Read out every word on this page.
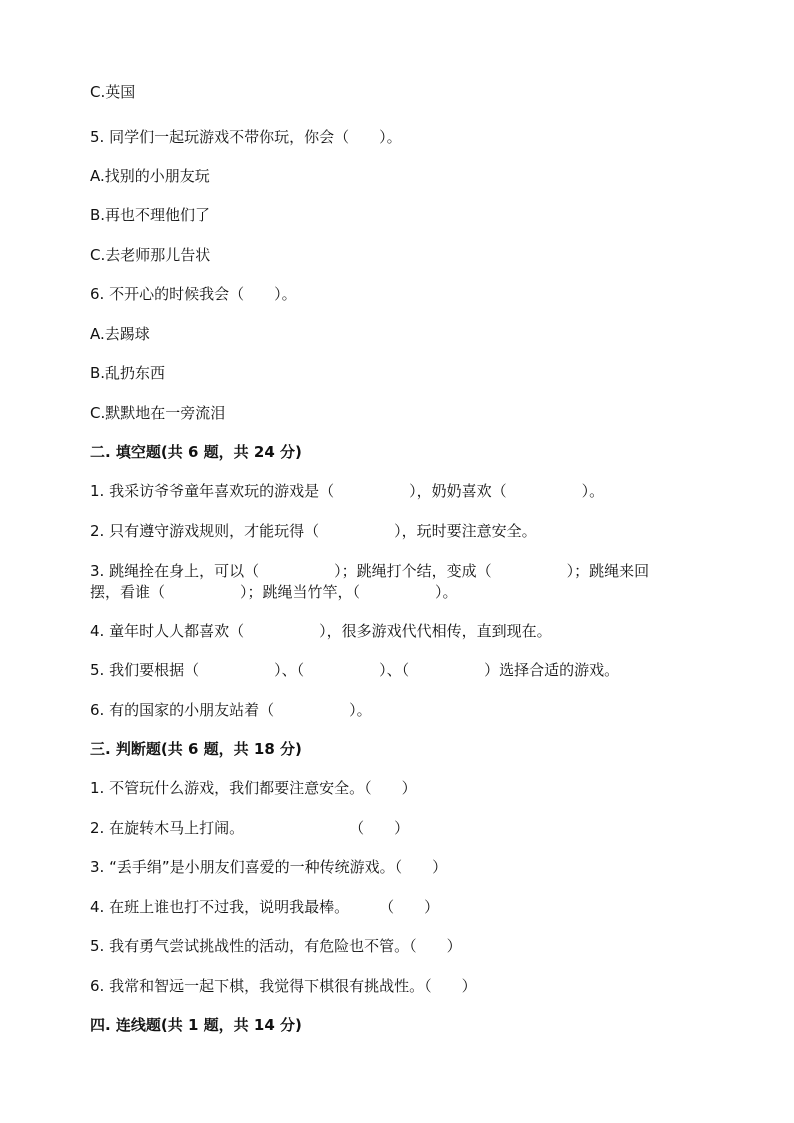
C.英国

5. 同学们一起玩游戏不带你玩，你会（　　）。

A.找别的小朋友玩

B.再也不理他们了

C.去老师那儿告状

6. 不开心的时候我会（　　）。

A.去踢球

B.乱扔东西

C.默默地在一旁流泪

二. 填空题(共 6 题，共 24 分)

1. 我采访爷爷童年喜欢玩的游戏是（　　　　　），奶奶喜欢（　　　　　）。

2. 只有遵守游戏规则，才能玩得（　　　　　），玩时要注意安全。

3. 跳绳拴在身上，可以（　　　　　）；跳绳打个结，变成（　　　　　）；跳绳来回

摆，看谁（　　　　　）；跳绳当竹竿，（　　　　　）。

4. 童年时人人都喜欢（　　　　　），很多游戏代代相传，直到现在。

5. 我们要根据（　　　　　）、（　　　　　）、（　　　　　）选择合适的游戏。

6. 有的国家的小朋友站着（　　　　　）。

三. 判断题(共 6 题，共 18 分)

1. 不管玩什么游戏，我们都要注意安全。（　　）

2. 在旋转木马上打闹。　　　　　　　　（　　）

3. “丢手绢”是小朋友们喜爱的一种传统游戏。（　　）

4. 在班上谁也打不过我，说明我最棒。　　　（　　）

5. 我有勇气尝试挑战性的活动，有危险也不管。（　　）

6. 我常和智远一起下棋，我觉得下棋很有挑战性。（　　）

四. 连线题(共 1 题，共 14 分)
